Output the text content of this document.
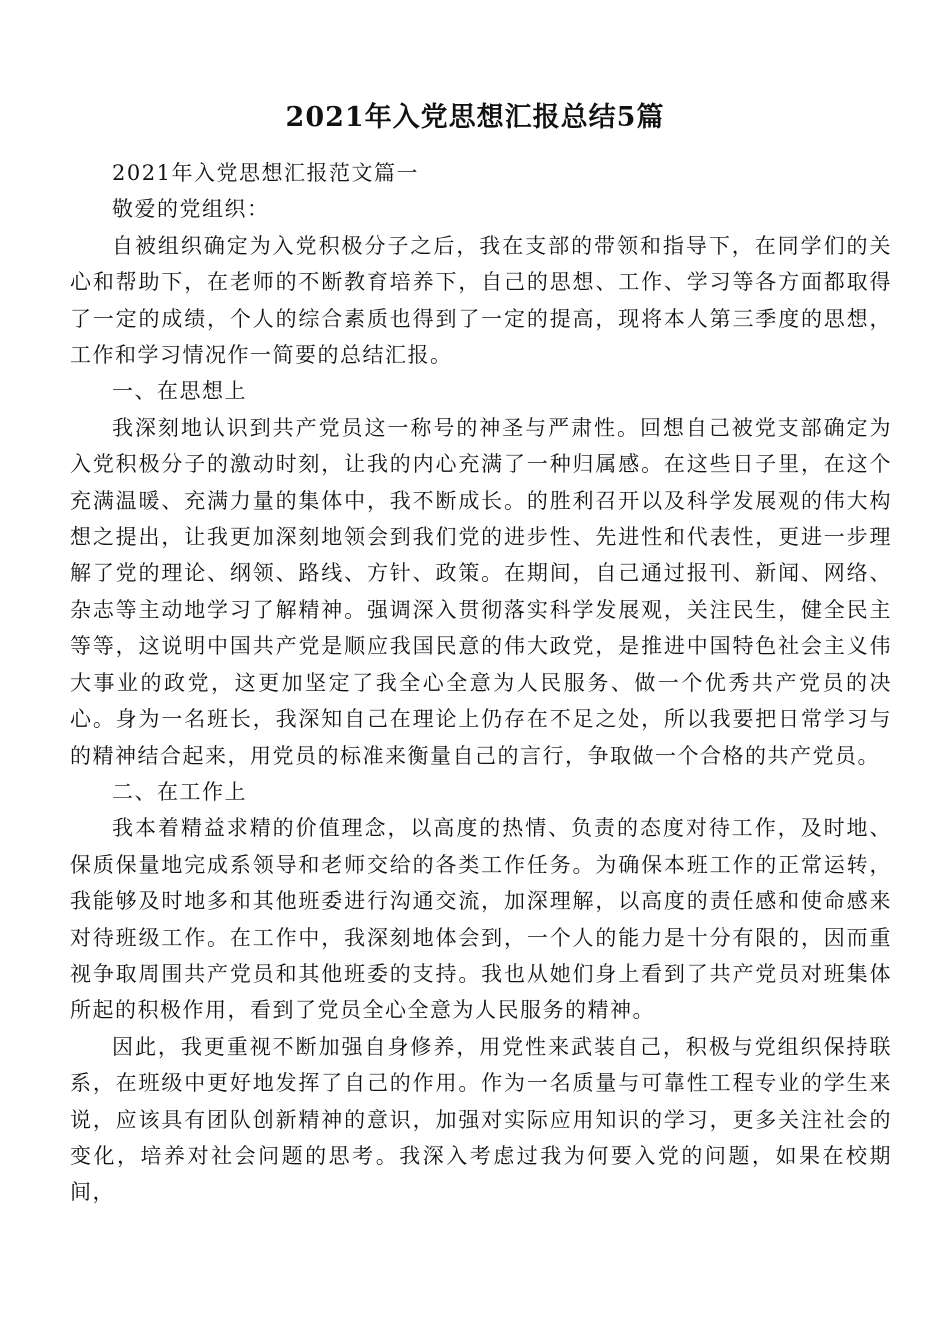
2021年入党思想汇报总结5篇

2021年入党思想汇报范文篇一

敬爱的党组织：

自被组织确定为入党积极分子之后，我在支部的带领和指导下，在同学们的关心和帮助下，在老师的不断教育培养下，自己的思想、工作、学习等各方面都取得了一定的成绩，个人的综合素质也得到了一定的提高，现将本人第三季度的思想，工作和学习情况作一简要的总结汇报。

一、在思想上

我深刻地认识到共产党员这一称号的神圣与严肃性。回想自己被党支部确定为入党积极分子的激动时刻，让我的内心充满了一种归属感。在这些日子里，在这个充满温暖、充满力量的集体中，我不断成长。的胜利召开以及科学发展观的伟大构想之提出，让我更加深刻地领会到我们党的进步性、先进性和代表性，更进一步理解了党的理论、纲领、路线、方针、政策。在期间，自己通过报刊、新闻、网络、杂志等主动地学习了解精神。强调深入贯彻落实科学发展观，关注民生，健全民主等等，这说明中国共产党是顺应我国民意的伟大政党，是推进中国特色社会主义伟大事业的政党，这更加坚定了我全心全意为人民服务、做一个优秀共产党员的决心。身为一名班长，我深知自己在理论上仍存在不足之处，所以我要把日常学习与的精神结合起来，用党员的标准来衡量自己的言行，争取做一个合格的共产党员。

二、在工作上

我本着精益求精的价值理念，以高度的热情、负责的态度对待工作，及时地、保质保量地完成系领导和老师交给的各类工作任务。为确保本班工作的正常运转，我能够及时地多和其他班委进行沟通交流，加深理解，以高度的责任感和使命感来对待班级工作。在工作中，我深刻地体会到，一个人的能力是十分有限的，因而重视争取周围共产党员和其他班委的支持。我也从她们身上看到了共产党员对班集体所起的积极作用，看到了党员全心全意为人民服务的精神。

因此，我更重视不断加强自身修养，用党性来武装自己，积极与党组织保持联系，在班级中更好地发挥了自己的作用。作为一名质量与可靠性工程专业的学生来说，应该具有团队创新精神的意识，加强对实际应用知识的学习，更多关注社会的变化，培养对社会问题的思考。我深入考虑过我为何要入党的问题，如果在校期间，
